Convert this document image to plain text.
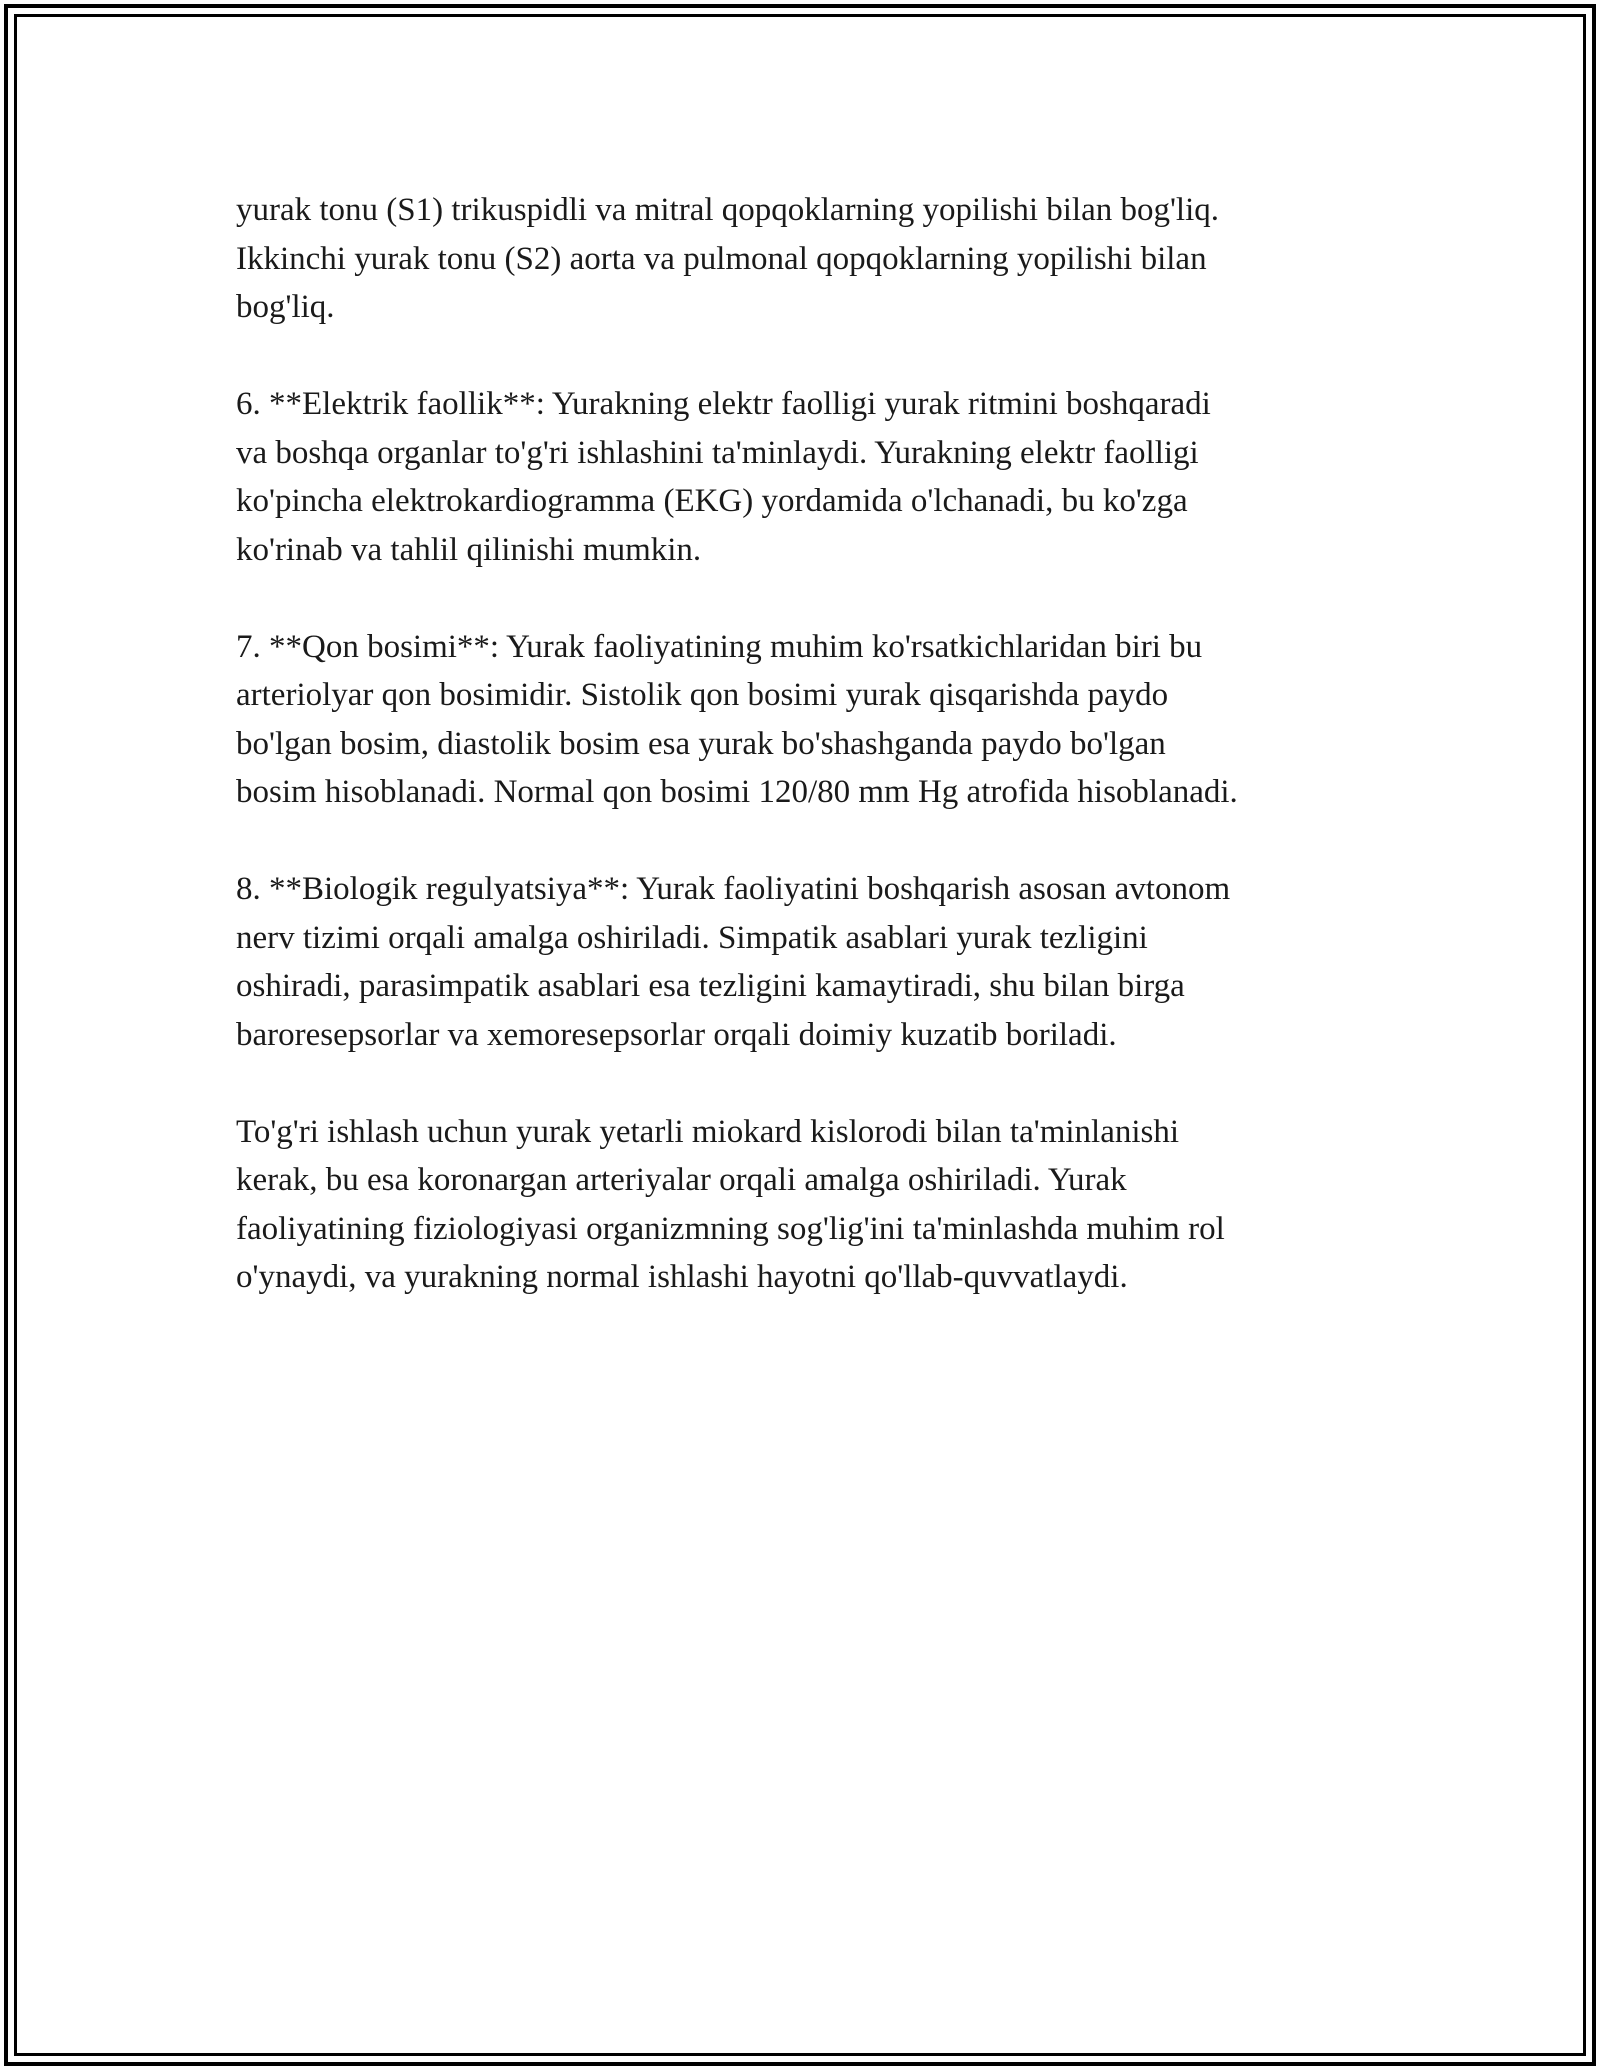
yurak tonu (S1) trikuspidli va mitral qopqoklarning yopilishi bilan bog'liq.
Ikkinchi yurak tonu (S2) aorta va pulmonal qopqoklarning yopilishi bilan
bog'liq.

6. **Elektrik faollik**: Yurakning elektr faolligi yurak ritmini boshqaradi
va boshqa organlar to'g'ri ishlashini ta'minlaydi. Yurakning elektr faolligi
ko'pincha elektrokardiogramma (EKG) yordamida o'lchanadi, bu ko'zga
ko'rinab va tahlil qilinishi mumkin.

7. **Qon bosimi**: Yurak faoliyatining muhim ko'rsatkichlaridan biri bu
arteriolyar qon bosimidir. Sistolik qon bosimi yurak qisqarishda paydo
bo'lgan bosim, diastolik bosim esa yurak bo'shashganda paydo bo'lgan
bosim hisoblanadi. Normal qon bosimi 120/80 mm Hg atrofida hisoblanadi.

8. **Biologik regulyatsiya**: Yurak faoliyatini boshqarish asosan avtonom
nerv tizimi orqali amalga oshiriladi. Simpatik asablari yurak tezligini
oshiradi, parasimpatik asablari esa tezligini kamaytiradi, shu bilan birga
baroresepsorlar va xemoresepsorlar orqali doimiy kuzatib boriladi.

To'g'ri ishlash uchun yurak yetarli miokard kislorodi bilan ta'minlanishi
kerak, bu esa koronargan arteriyalar orqali amalga oshiriladi. Yurak
faoliyatining fiziologiyasi organizmning sog'lig'ini ta'minlashda muhim rol
o'ynaydi, va yurakning normal ishlashi hayotni qo'llab-quvvatlaydi.
